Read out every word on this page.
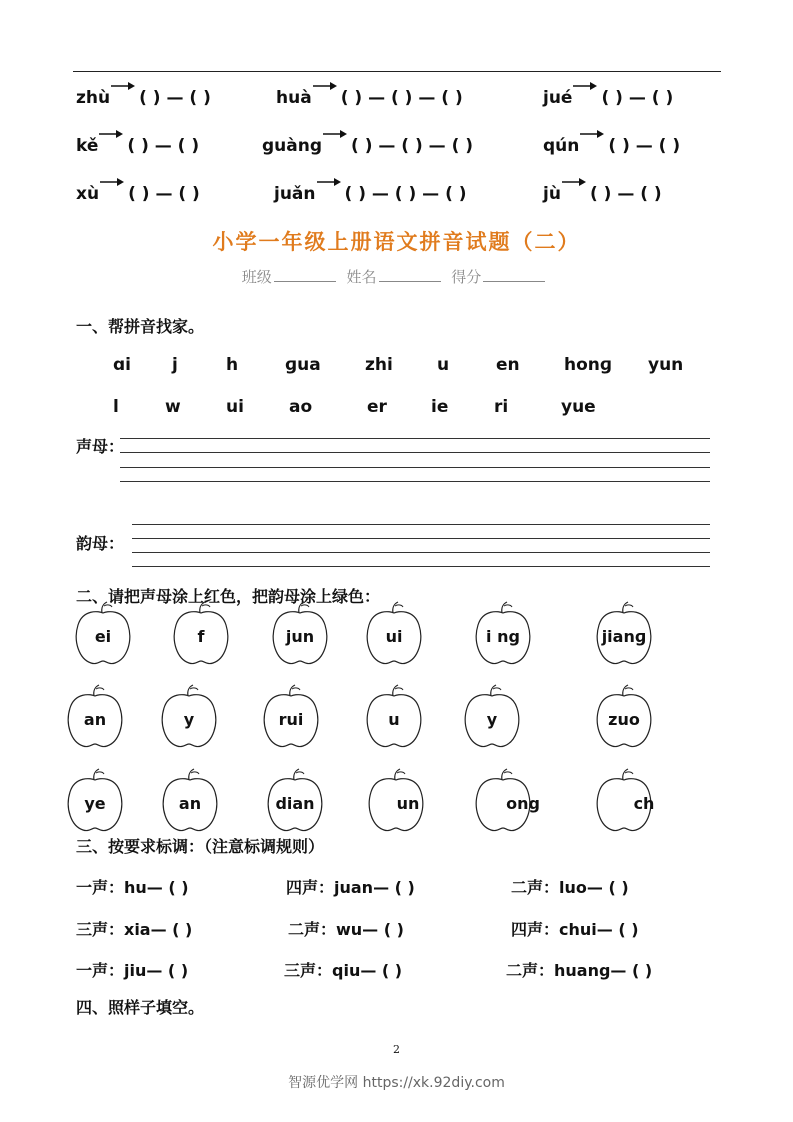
zhù ( ) — ( )	huà ( ) — ( ) — ( )	jué ( ) — ( )
kě ( ) — ( )	guàng ( ) — ( ) — ( )	qún ( ) — ( )
xù ( ) — ( )	juǎn ( ) — ( ) — ( )	jù ( ) — ( )
小学一年级上册语文拼音试题（二）
班级	姓名	得分
一、帮拼音找家。
ɑi j	h	ɡua	zhi	u	en	honɡ yun
l	w	ui	ao	er	ie	ri	yue
声母：
韵母：
二、请把声母涂上红色，把韵母涂上绿色：
ei	f	jun	ui	i ng	jianɡ
an	y	rui	u	y	zuo
ye	an	dian	un	ong	ch
三、按要求标调：（注意标调规则）
一声：hu— ( )	四声：juan— ( )	二声：luo— ( )
三声：xia— ( )	二声：wu— ( )	四声：chui— ( )
一声：jiu— ( )	三声：qiu— ( )	二声：huang— ( )
四、照样子填空。
2
智源优学网 https://xk.92diy.com
